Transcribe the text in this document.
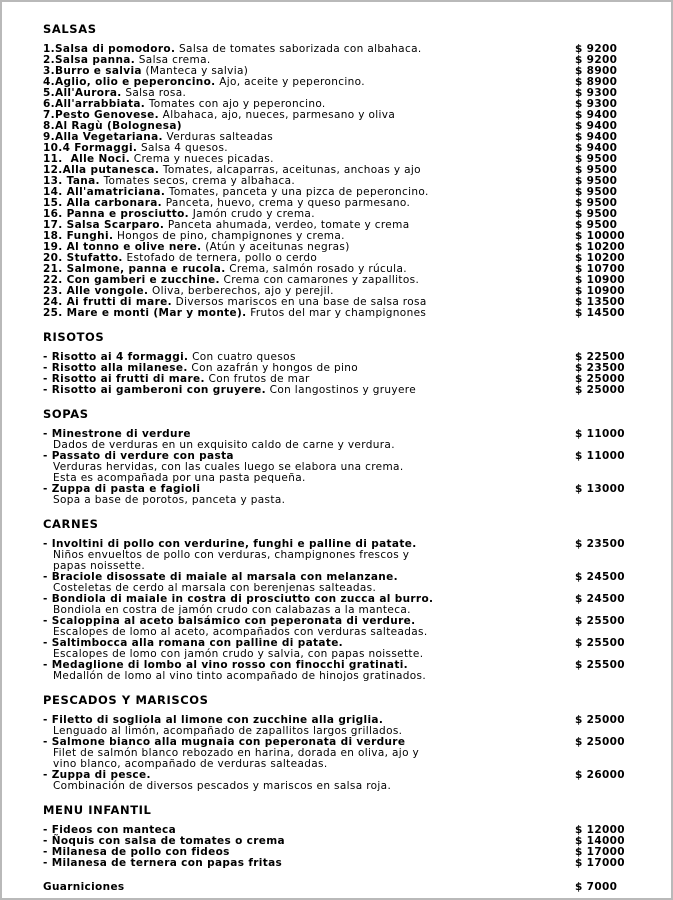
SALSAS
1.Salsa di pomodoro. Salsa de tomates saborizada con albahaca.	$ 9200
2.Salsa panna. Salsa crema.	$ 9200
3.Burro e salvia (Manteca y salvia)	$ 8900
4.Aglio, olio e peperoncino. Ajo, aceite y peperoncino.	$ 8900
5.All'Aurora. Salsa rosa.	$ 9300
6.All'arrabbiata. Tomates con ajo y peperoncino.	$ 9300
7.Pesto Genovese. Albahaca, ajo, nueces, parmesano y oliva	$ 9400
8.Al Ragù (Bolognesa)	$ 9400
9.Alla Vegetariana. Verduras salteadas	$ 9400
10.4 Formaggi. Salsa 4 quesos.	$ 9400
11.  Alle Noci. Crema y nueces picadas.	$ 9500
12.Alla putanesca. Tomates, alcaparras, aceitunas, anchoas y ajo	$ 9500
13. Tana. Tomates secos, crema y albahaca.	$ 9500
14. All'amatriciana. Tomates, panceta y una pizca de peperoncino.	$ 9500
15. Alla carbonara. Panceta, huevo, crema y queso parmesano.	$ 9500
16. Panna e prosciutto. Jamón crudo y crema.	$ 9500
17. Salsa Scarparo. Panceta ahumada, verdeo, tomate y crema	$ 9500
18. Funghi. Hongos de pino, champignones y crema.	$ 10000
19. Al tonno e olive nere. (Atún y aceitunas negras)	$ 10200
20. Stufatto. Estofado de ternera, pollo o cerdo	$ 10200
21. Salmone, panna e rucola. Crema, salmón rosado y rúcula.	$ 10700
22. Con gamberi e zucchine. Crema con camarones y zapallitos.	$ 10900
23. Alle vongole. Oliva, berberechos, ajo y perejil.	$ 10900
24. Ai frutti di mare. Diversos mariscos en una base de salsa rosa	$ 13500
25. Mare e monti (Mar y monte). Frutos del mar y champignones	$ 14500
RISOTOS
- Risotto ai 4 formaggi. Con cuatro quesos	$ 22500
- Risotto alla milanese. Con azafrán y hongos de pino	$ 23500
- Risotto ai frutti di mare. Con frutos de mar	$ 25000
- Risotto ai gamberoni con gruyere. Con langostinos y gruyere	$ 25000
SOPAS
- Minestrone di verdure	$ 11000
Dados de verduras en un exquisito caldo de carne y verdura.
- Passato di verdure con pasta	$ 11000
Verduras hervidas, con las cuales luego se elabora una crema.
Esta es acompañada por una pasta pequeña.
- Zuppa di pasta e fagioli	$ 13000
Sopa a base de porotos, panceta y pasta.
CARNES
- Involtini di pollo con verdurine, funghi e palline di patate.	$ 23500
Niños envueltos de pollo con verduras, champignones frescos y
papas noissette.
- Braciole disossate di maiale al marsala con melanzane.	$ 24500
Costeletas de cerdo al marsala con berenjenas salteadas.
- Bondiola di maiale in costra di prosciutto con zucca al burro.	$ 24500
Bondiola en costra de jamón crudo con calabazas a la manteca.
- Scaloppina al aceto balsámico con peperonata di verdure.	$ 25500
Escalopes de lomo al aceto, acompañados con verduras salteadas.
- Saltimbocca alla romana con palline di patate.	$ 25500
Escalopes de lomo con jamón crudo y salvia, con papas noissette.
- Medaglione di lombo al vino rosso con finocchi gratinati.	$ 25500
Medallón de lomo al vino tinto acompañado de hinojos gratinados.
PESCADOS Y MARISCOS
- Filetto di sogliola al limone con zucchine alla griglia.	$ 25000
Lenguado al limón, acompañado de zapallitos largos grillados.
- Salmone bianco alla mugnaia con peperonata di verdure	$ 25000
Filet de salmón blanco rebozado en harina, dorada en oliva, ajo y
vino blanco, acompañado de verduras salteadas.
- Zuppa di pesce.	$ 26000
Combinación de diversos pescados y mariscos en salsa roja.
MENU INFANTIL
- Fideos con manteca	$ 12000
- Ñoquis con salsa de tomates o crema	$ 14000
- Milanesa de pollo con fideos	$ 17000
- Milanesa de ternera con papas fritas	$ 17000
Guarniciones	$ 7000
